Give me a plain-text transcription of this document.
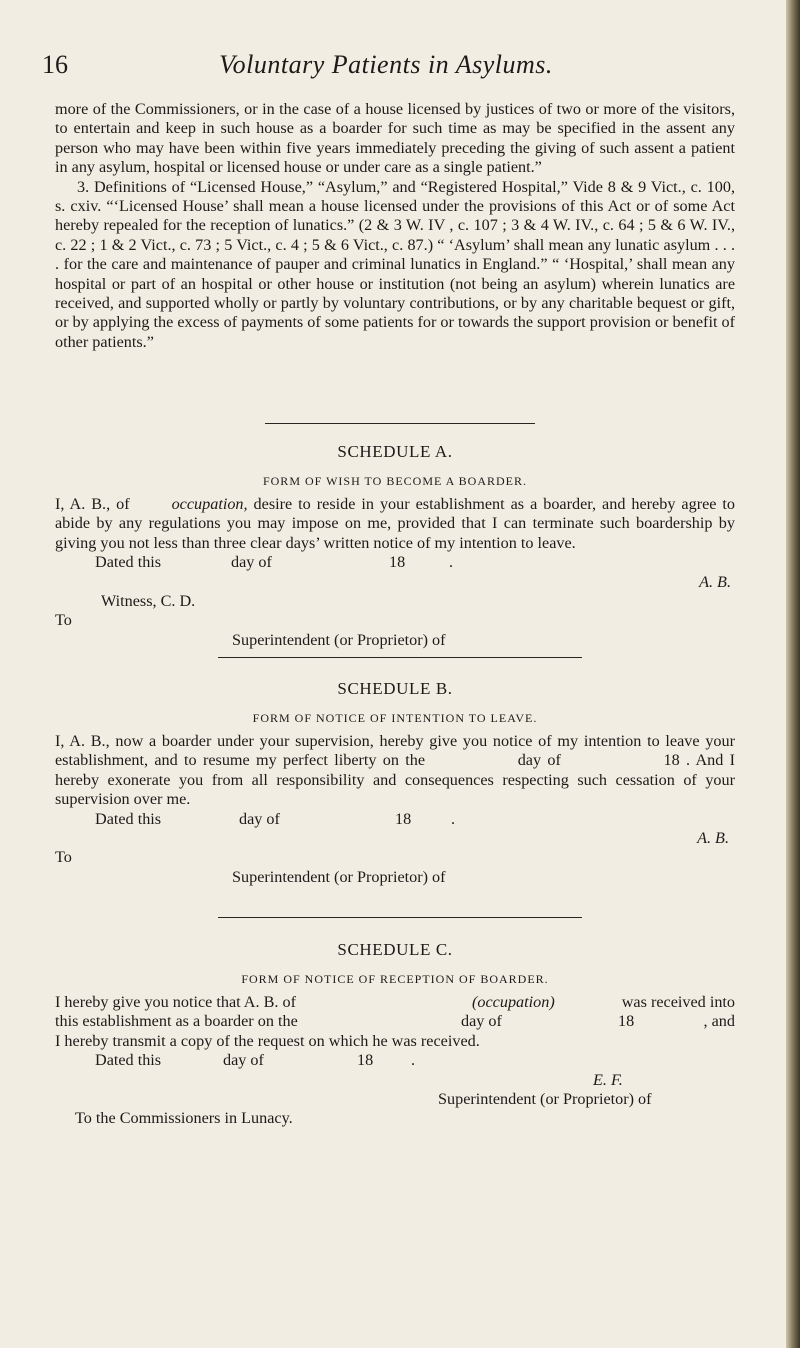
16	Voluntary Patients in Asylums.

more of the Commissioners, or in the case of a house licensed by justices of two or more of the visitors, to entertain and keep in such house as a boarder for such time as may be specified in the assent any person who may have been within five years immediately preceding the giving of such assent a patient in any asylum, hospital or licensed house or under care as a single patient.”

3. Definitions of “Licensed House,” “Asylum,” and “Registered Hospital,” Vide 8 & 9 Vict., c. 100, s. cxiv. “‘Licensed House’ shall mean a house licensed under the provisions of this Act or of some Act hereby repealed for the reception of lunatics.” (2 & 3 W. IV , c. 107 ; 3 & 4 W. IV., c. 64 ; 5 & 6 W. IV., c. 22 ; 1 & 2 Vict., c. 73 ; 5 Vict., c. 4 ; 5 & 6 Vict., c. 87.) “ ‘Asylum’ shall mean any lunatic asylum . . . . for the care and maintenance of pauper and criminal lunatics in England.” “ ‘Hospital,’ shall mean any hospital or part of an hospital or other house or institution (not being an asylum) wherein lunatics are received, and supported wholly or partly by voluntary contributions, or by any charitable bequest or gift, or by applying the excess of payments of some patients for or towards the support provision or benefit of other patients.”

SCHEDULE A.

FORM OF WISH TO BECOME A BOARDER.

I, A. B., of	occupation, desire to reside in your establishment as a boarder, and hereby agree to abide by any regulations you may impose on me, provided that I can terminate such boardership by giving you not less than three clear days’ written notice of my intention to leave.

Dated this	day of	18	.
A. B.
Witness, C. D.
To
Superintendent (or Proprietor) of

SCHEDULE B.

FORM OF NOTICE OF INTENTION TO LEAVE.

I, A. B., now a boarder under your supervision, hereby give you notice of my intention to leave your establishment, and to resume my perfect liberty on the	day of	18 . And I hereby exonerate you from all responsibility and consequences respecting such cessation of your supervision over me.

Dated this	day of	18 .
A. B.
To
Superintendent (or Proprietor) of

SCHEDULE C.

FORM OF NOTICE OF RECEPTION OF BOARDER.

I hereby give you notice that A. B. of	(occupation)	was received into
this establishment as a boarder on the	day of	18	, and
I hereby transmit a copy of the request on which he was received.
Dated this	day of	18 .
E. F.
Superintendent (or Proprietor) of
To the Commissioners in Lunacy.
